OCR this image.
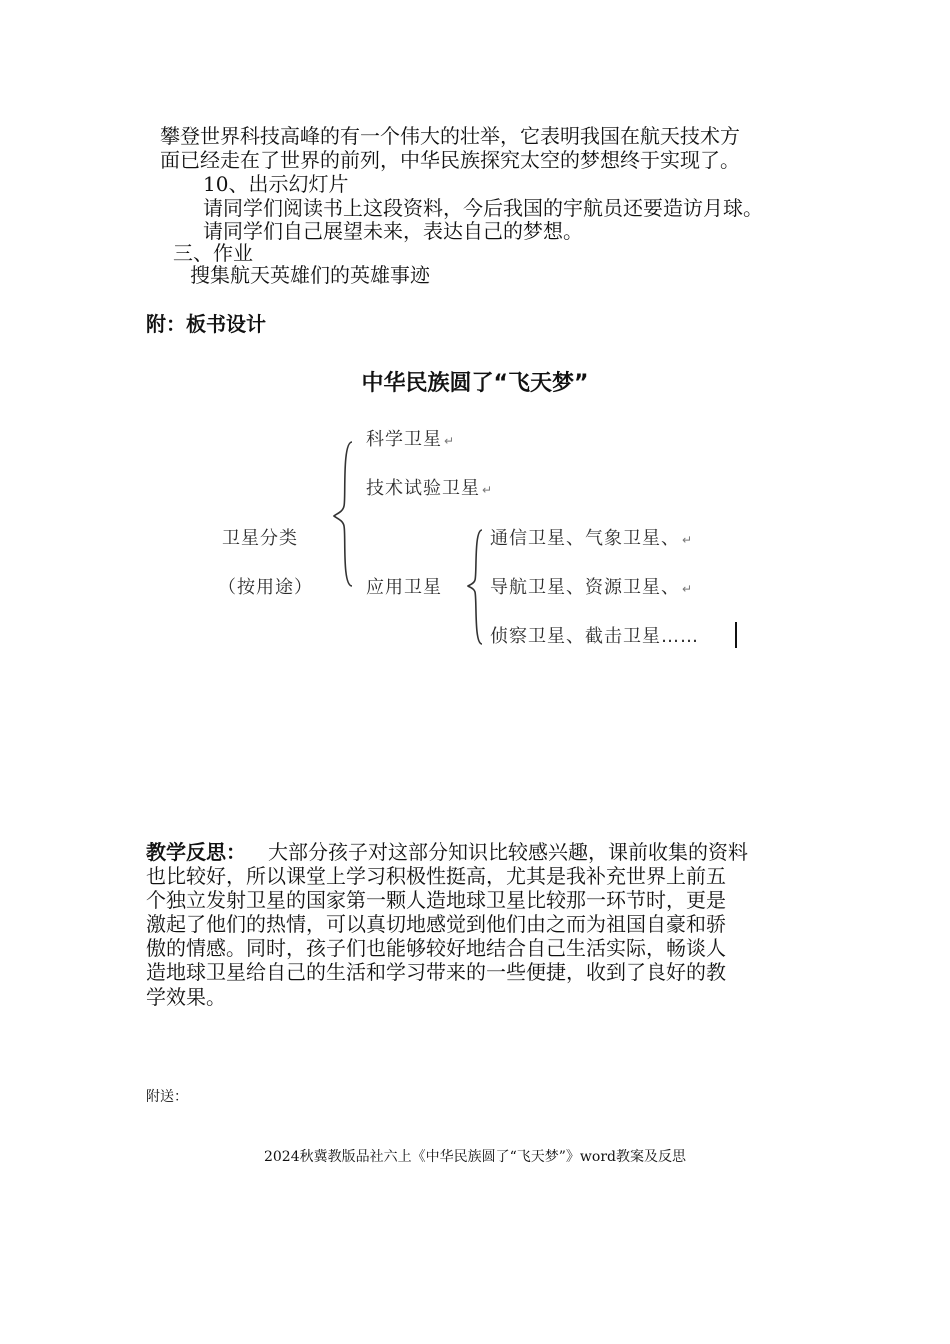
攀登世界科技高峰的有一个伟大的壮举，它表明我国在航天技术方

面已经走在了世界的前列，中华民族探究太空的梦想终于实现了。

10、出示幻灯片

请同学们阅读书上这段资料，今后我国的宇航员还要造访月球。

请同学们自己展望未来，表达自己的梦想。

三、作业

搜集航天英雄们的英雄事迹

附：板书设计

中华民族圆了“飞天梦”

科学卫星 ↵

技术试验卫星 ↵

卫星分类

（按用途）	应用卫星

通信卫星、气象卫星、 ↵

导航卫星、资源卫星、 ↵

侦察卫星、截击卫星……

教学反思： 大部分孩子对这部分知识比较感兴趣，课前收集的资料

也比较好，所以课堂上学习积极性挺高，尤其是我补充世界上前五

个独立发射卫星的国家第一颗人造地球卫星比较那一环节时，更是

激起了他们的热情，可以真切地感觉到他们由之而为祖国自豪和骄

傲的情感。同时，孩子们也能够较好地结合自己生活实际，畅谈人

造地球卫星给自己的生活和学习带来的一些便捷，收到了良好的教

学效果。

附送：

2024秋冀教版品社六上《中华民族圆了“飞天梦”》word教案及反思
